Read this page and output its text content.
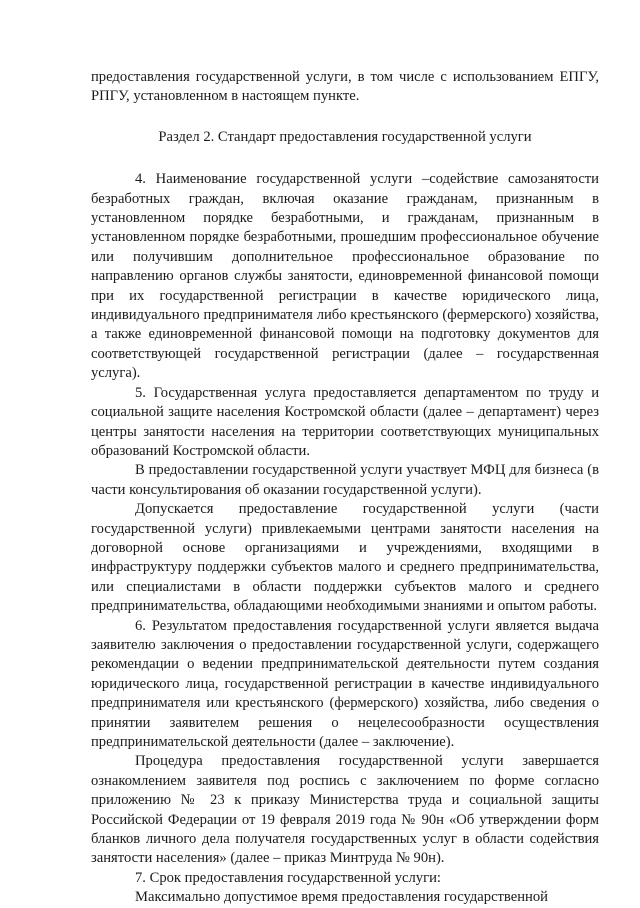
предоставления государственной услуги, в том числе с использованием ЕПГУ, РПГУ, установленном в настоящем пункте.

Раздел 2. Стандарт предоставления государственной услуги

4. Наименование государственной услуги –содействие самозанятости безработных граждан, включая оказание гражданам, признанным в установленном порядке безработными, и гражданам, признанным в установленном порядке безработными, прошедшим профессиональное обучение или получившим дополнительное профессиональное образование по направлению органов службы занятости, единовременной финансовой помощи при их государственной регистрации в качестве юридического лица, индивидуального предпринимателя либо крестьянского (фермерского) хозяйства, а также единовременной финансовой помощи на подготовку документов для соответствующей государственной регистрации (далее – государственная услуга).

5. Государственная услуга предоставляется департаментом по труду и социальной защите населения Костромской области (далее – департамент) через центры занятости населения на территории соответствующих муниципальных образований Костромской области.

В предоставлении государственной услуги участвует МФЦ для бизнеса (в части консультирования об оказании государственной услуги).

Допускается предоставление государственной услуги (части государственной услуги) привлекаемыми центрами занятости населения на договорной основе организациями и учреждениями, входящими в инфраструктуру поддержки субъектов малого и среднего предпринимательства, или специалистами в области поддержки субъектов малого и среднего предпринимательства, обладающими необходимыми знаниями и опытом работы.

6. Результатом предоставления государственной услуги является выдача заявителю заключения о предоставлении государственной услуги, содержащего рекомендации о ведении предпринимательской деятельности путем создания юридического лица, государственной регистрации в качестве индивидуального предпринимателя или крестьянского (фермерского) хозяйства, либо сведения о принятии заявителем решения о нецелесообразности осуществления предпринимательской деятельности (далее – заключение).

Процедура предоставления государственной услуги завершается ознакомлением заявителя под роспись с заключением по форме согласно приложению № 23 к приказу Министерства труда и социальной защиты Российской Федерации от 19 февраля 2019 года № 90н «Об утверждении форм бланков личного дела получателя государственных услуг в области содействия занятости населения» (далее – приказ Минтруда № 90н).

7. Срок предоставления государственной услуги:

Максимально допустимое время предоставления государственной
